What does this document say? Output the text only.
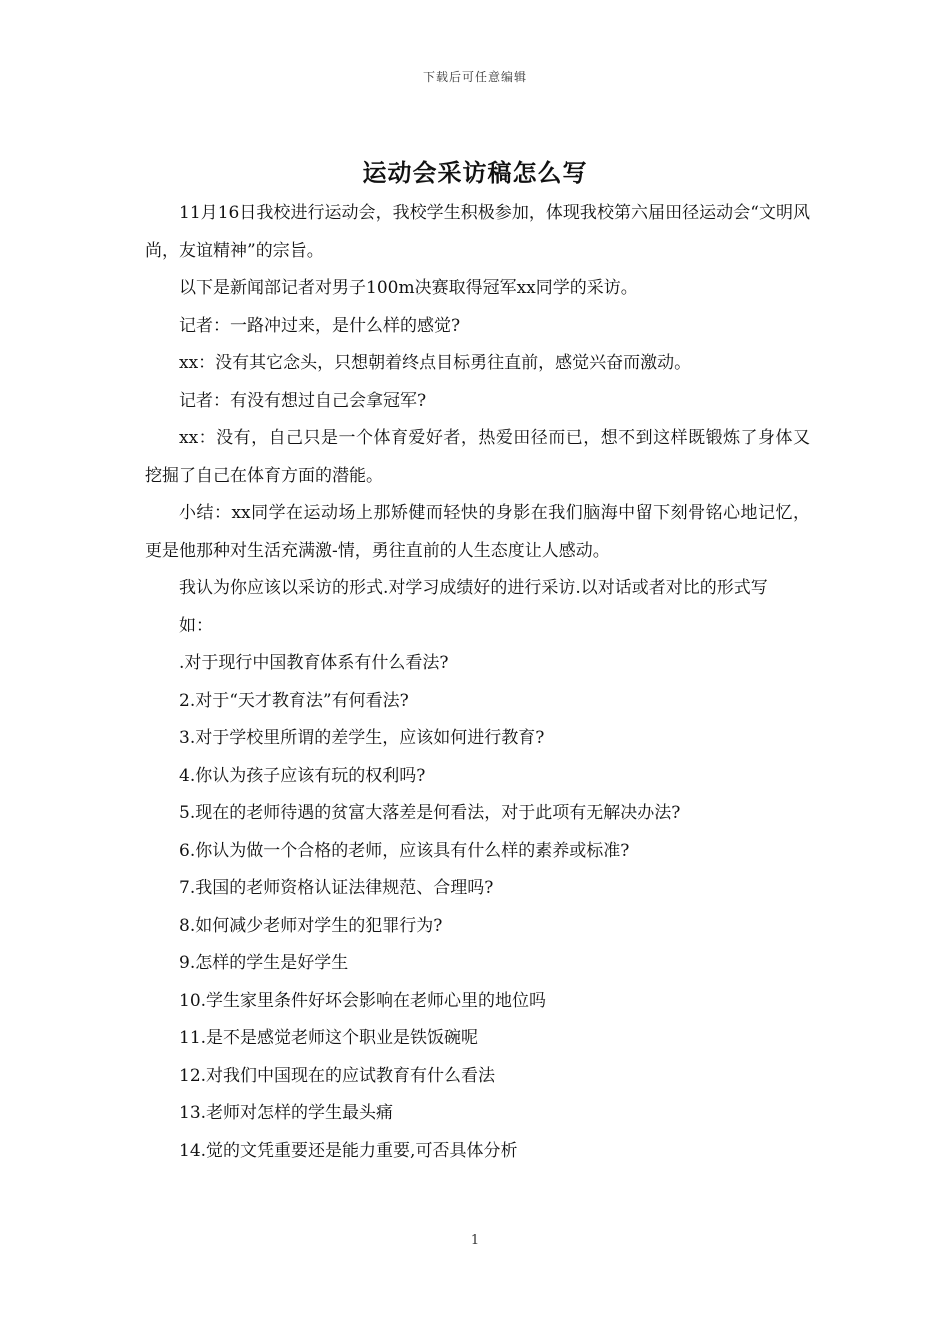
下载后可任意编辑
运动会采访稿怎么写

11月16日我校进行运动会，我校学生积极参加，体现我校第六届田径运动会“文明风尚，友谊精神”的宗旨。

以下是新闻部记者对男子100m决赛取得冠军xx同学的采访。

记者：一路冲过来，是什么样的感觉?

xx：没有其它念头，只想朝着终点目标勇往直前，感觉兴奋而激动。

记者：有没有想过自己会拿冠军?

xx：没有，自己只是一个体育爱好者，热爱田径而已，想不到这样既锻炼了身体又挖掘了自己在体育方面的潜能。

小结：xx同学在运动场上那矫健而轻快的身影在我们脑海中留下刻骨铭心地记忆，更是他那种对生活充满激-情，勇往直前的人生态度让人感动。

我认为你应该以采访的形式.对学习成绩好的进行采访.以对话或者对比的形式写

如：

.对于现行中国教育体系有什么看法?
2.对于“天才教育法”有何看法?
3.对于学校里所谓的差学生，应该如何进行教育?
4.你认为孩子应该有玩的权利吗?
5.现在的老师待遇的贫富大落差是何看法，对于此项有无解决办法?
6.你认为做一个合格的老师，应该具有什么样的素养或标准?
7.我国的老师资格认证法律规范、合理吗?
8.如何减少老师对学生的犯罪行为?
9.怎样的学生是好学生
10.学生家里条件好坏会影响在老师心里的地位吗
11.是不是感觉老师这个职业是铁饭碗呢
12.对我们中国现在的应试教育有什么看法
13.老师对怎样的学生最头痛
14.觉的文凭重要还是能力重要,可否具体分析
1
